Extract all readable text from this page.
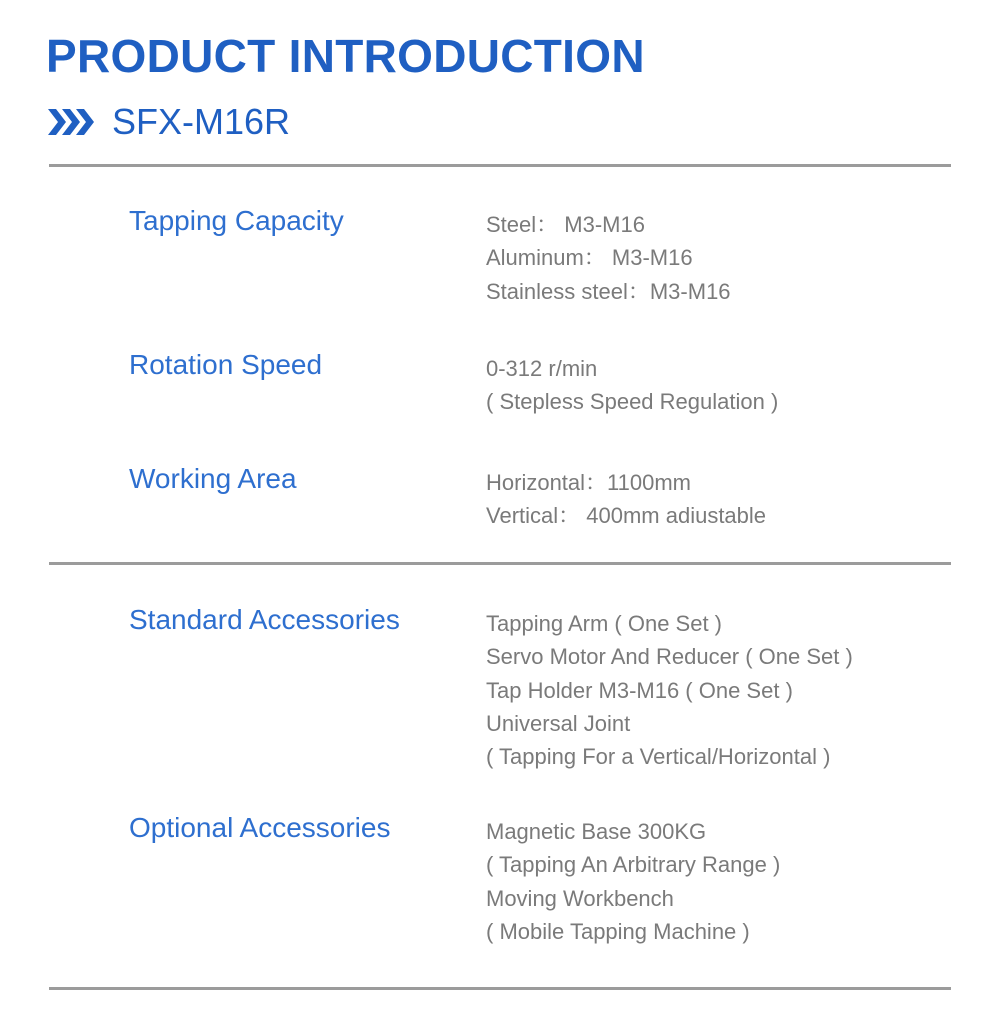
PRODUCT INTRODUCTION
SFX-M16R
Tapping Capacity	Steel： M3-M16
Aluminum： M3-M16
Stainless steel：M3-M16
Rotation Speed	0-312 r/min
( Stepless Speed Regulation )
Working Area	Horizontal：1100mm
Vertical： 400mm adiustable
Standard Accessories	Tapping Arm ( One Set )
Servo Motor And Reducer ( One Set )
Tap Holder M3-M16 ( One Set )
Universal Joint
( Tapping For a Vertical/Horizontal )
Optional Accessories	Magnetic Base 300KG
( Tapping An Arbitrary Range )
Moving Workbench
( Mobile Tapping Machine )
